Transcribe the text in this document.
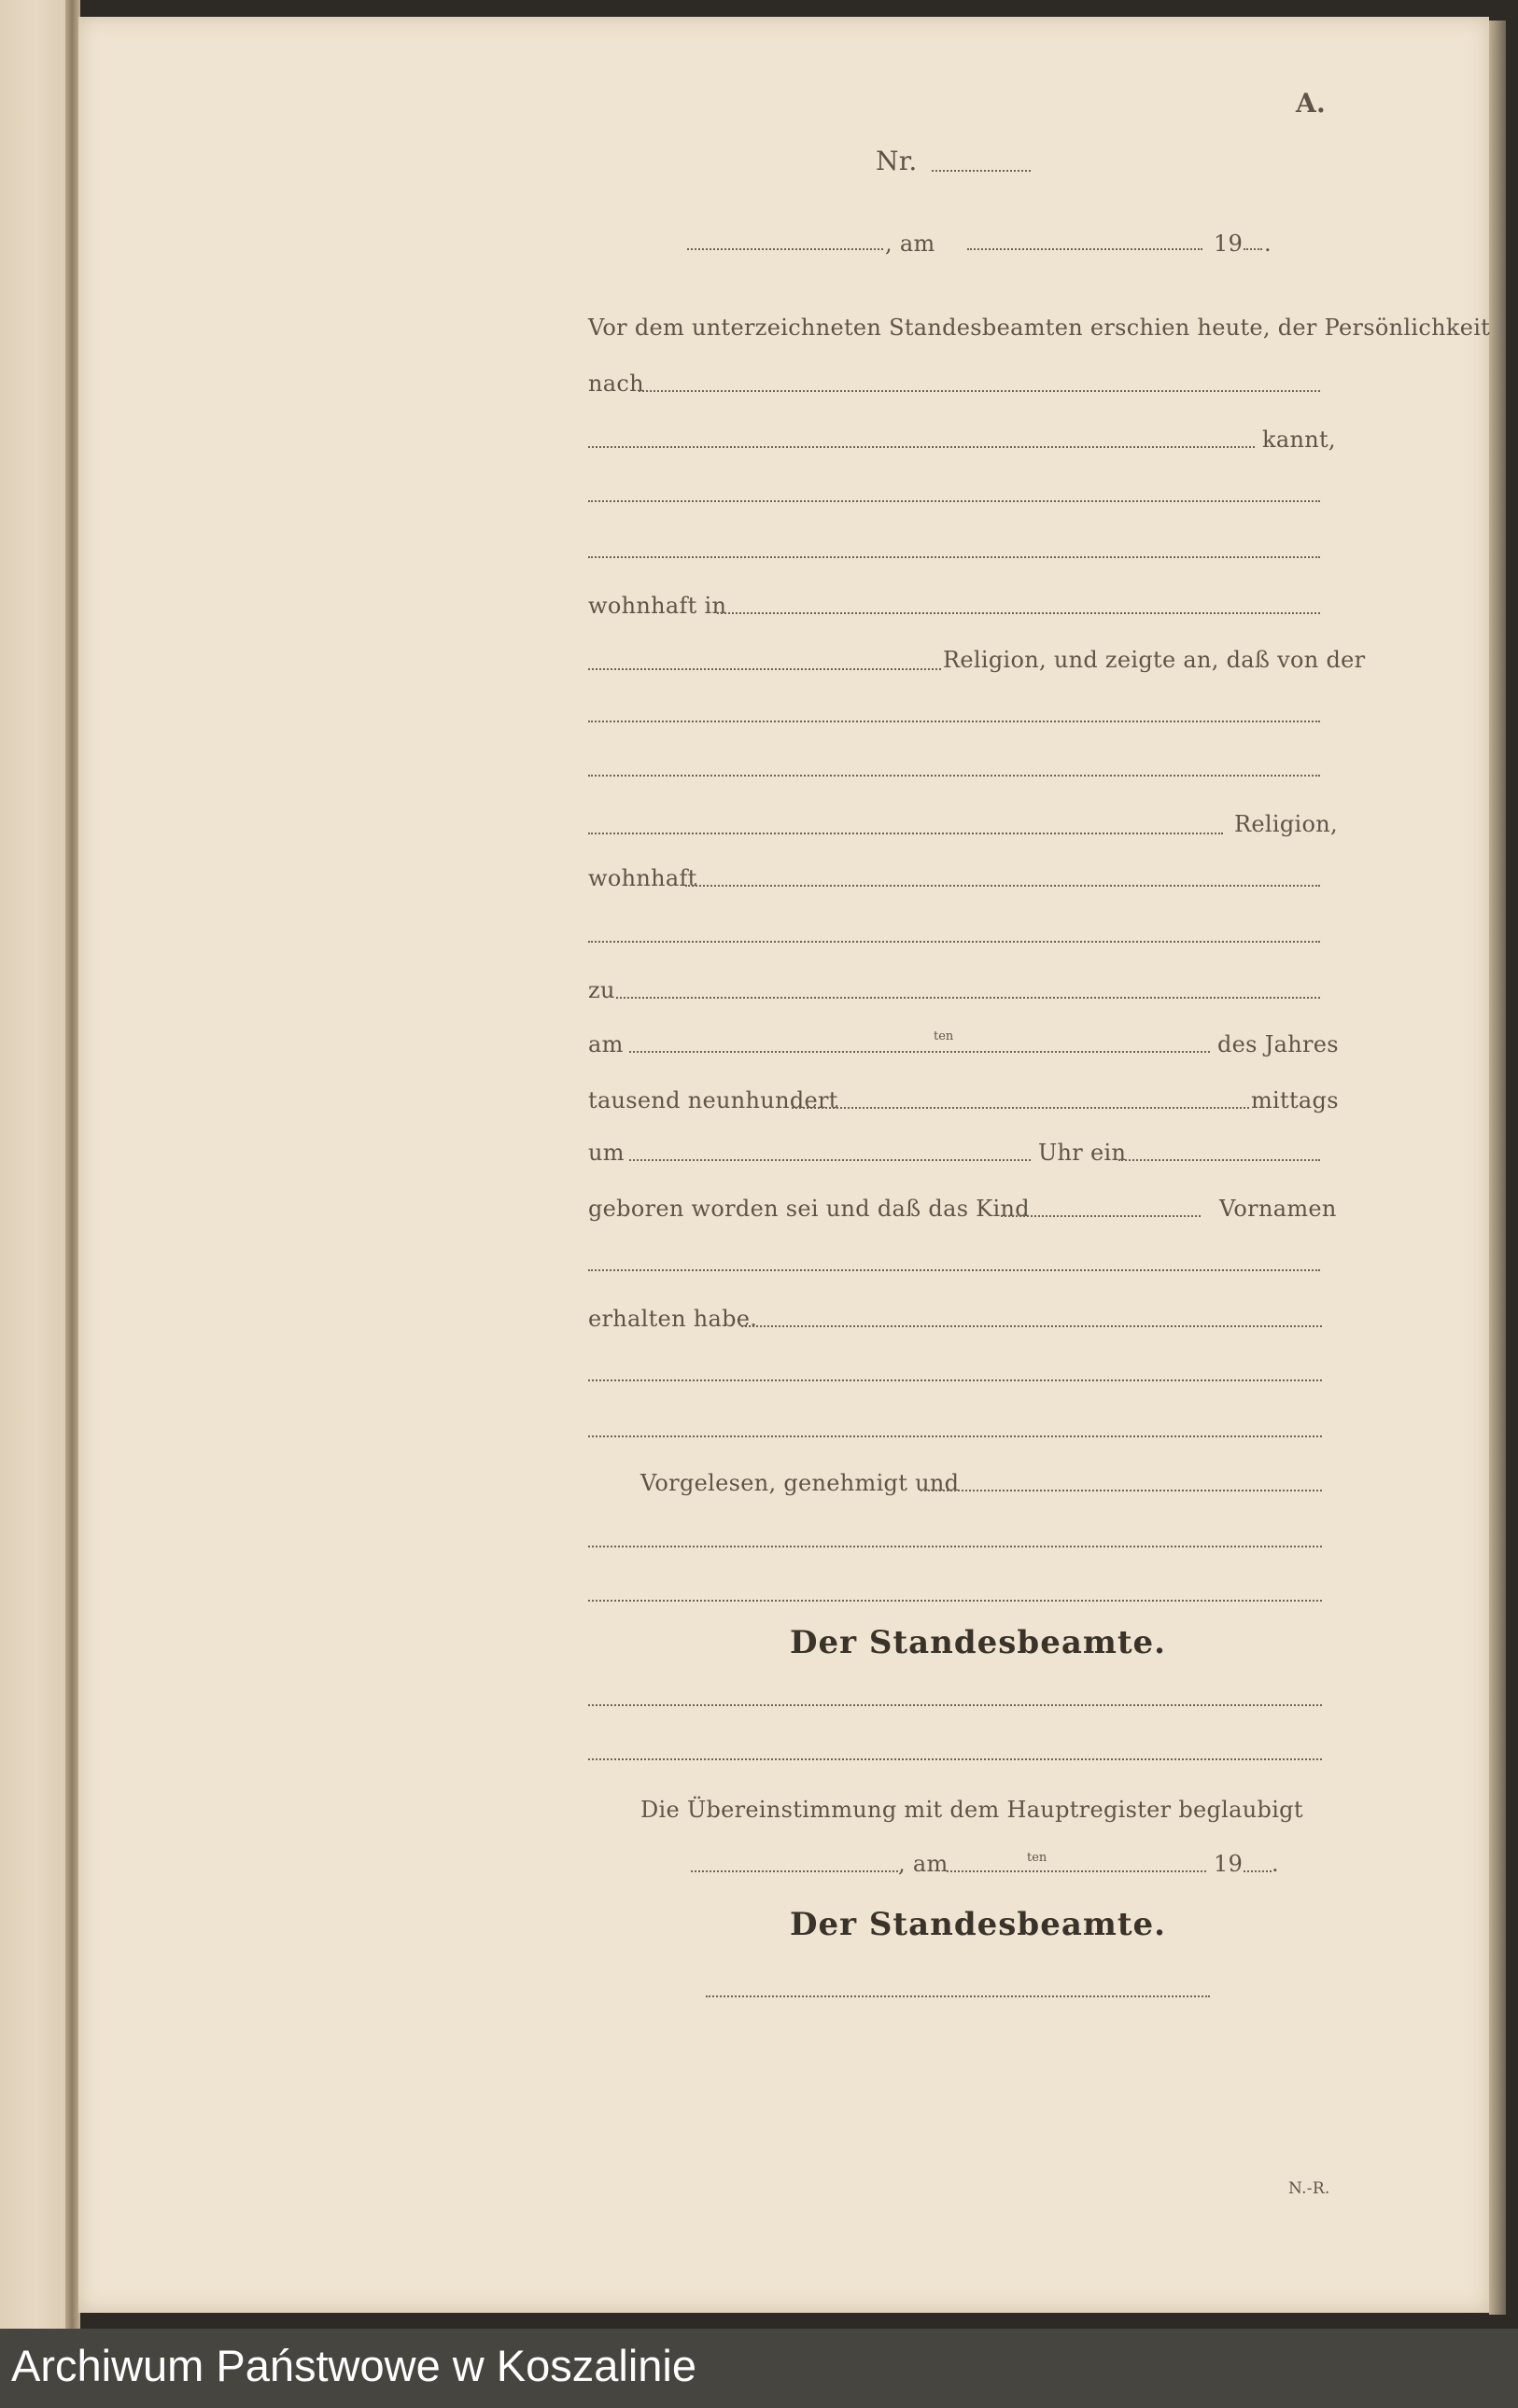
A.
Nr.
, am	19 .
Vor dem unterzeichneten Standesbeamten erschien heute, der Persönlichkeit
nach
kannt,
wohnhaft in
Religion, und zeigte an, daß von der
Religion,
wohnhaft
zu
am	ten	des Jahres
tausend neunhundert	mittags
um	Uhr ein
geboren worden sei und daß das Kind	Vornamen
erhalten habe.
Vorgelesen, genehmigt und
Der Standesbeamte.
Die Übereinstimmung mit dem Hauptregister beglaubigt
, am	ten	19 .
Der Standesbeamte.
N.-R.
Archiwum Państwowe w Koszalinie
